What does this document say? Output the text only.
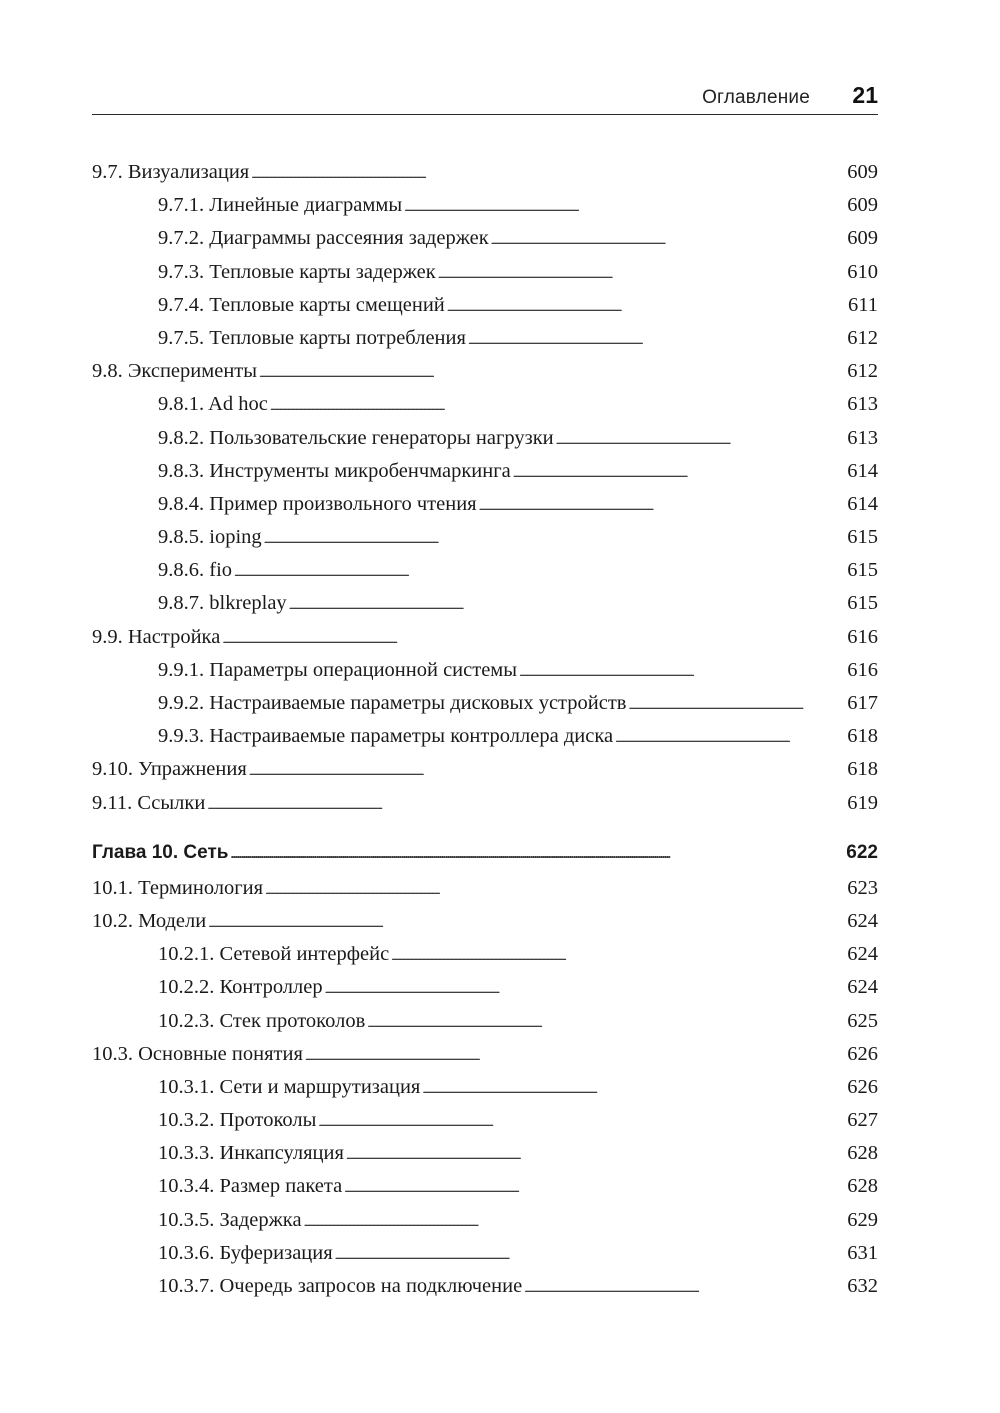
Оглавление 21
9.7. Визуализация . . .	609
9.7.1. Линейные диаграммы . . .	609
9.7.2. Диаграммы рассеяния задержек . . .	609
9.7.3. Тепловые карты задержек . . .	610
9.7.4. Тепловые карты смещений . . .	611
9.7.5. Тепловые карты потребления . . .	612
9.8. Эксперименты . . .	612
9.8.1. Ad hoc . . .	613
9.8.2. Пользовательские генераторы нагрузки . . .	613
9.8.3. Инструменты микробенчмаркинга . . .	614
9.8.4. Пример произвольного чтения . . .	614
9.8.5. ioping . . .	615
9.8.6. fio . . .	615
9.8.7. blkreplay . . .	615
9.9. Настройка . . .	616
9.9.1. Параметры операционной системы . . .	616
9.9.2. Настраиваемые параметры дисковых устройств . . .	617
9.9.3. Настраиваемые параметры контроллера диска . . .	618
9.10. Упражнения . . .	618
9.11. Ссылки . . .	619
Глава 10. Сеть . . .	622
10.1. Терминология . . .	623
10.2. Модели . . .	624
10.2.1. Сетевой интерфейс . . .	624
10.2.2. Контроллер . . .	624
10.2.3. Стек протоколов . . .	625
10.3. Основные понятия . . .	626
10.3.1. Сети и маршрутизация . . .	626
10.3.2. Протоколы . . .	627
10.3.3. Инкапсуляция . . .	628
10.3.4. Размер пакета . . .	628
10.3.5. Задержка . . .	629
10.3.6. Буферизация . . .	631
10.3.7. Очередь запросов на подключение . . .	632
